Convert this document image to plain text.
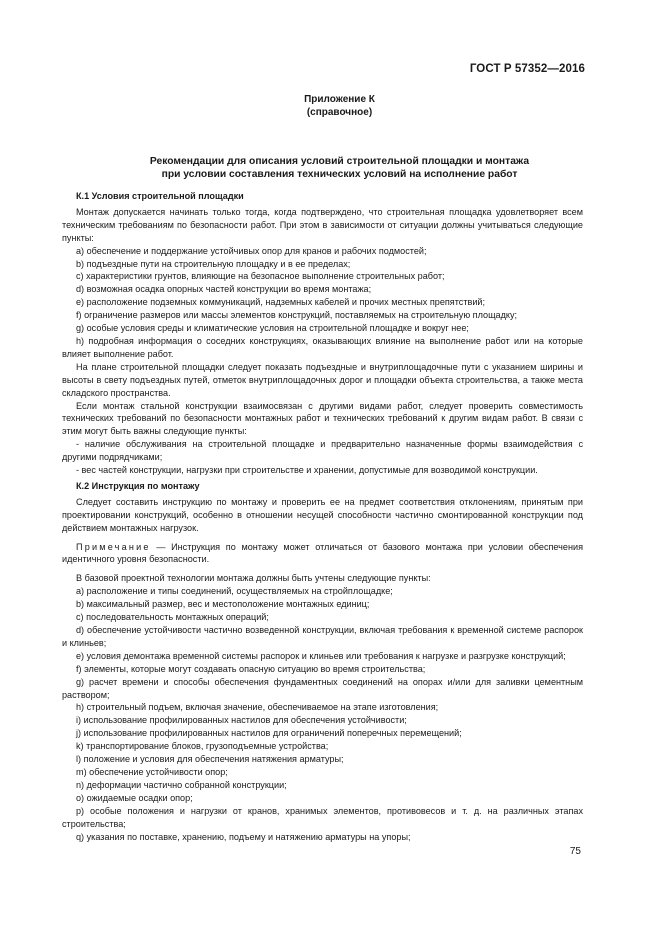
ГОСТ Р 57352—2016
Приложение К
(справочное)
Рекомендации для описания условий строительной площадки и монтажа
при условии составления технических условий на исполнение работ

К.1 Условия строительной площадки

Монтаж допускается начинать только тогда, когда подтверждено, что строительная площадка удовлетворяет всем техническим требованиям по безопасности работ. При этом в зависимости от ситуации должны учитываться следующие пункты:

a) обеспечение и поддержание устойчивых опор для кранов и рабочих подмостей;

b) подъездные пути на строительную площадку и в ее пределах;

c) характеристики грунтов, влияющие на безопасное выполнение строительных работ;

d) возможная осадка опорных частей конструкции во время монтажа;

e) расположение подземных коммуникаций, надземных кабелей и прочих местных препятствий;

f) ограничение размеров или массы элементов конструкций, поставляемых на строительную площадку;

g) особые условия среды и климатические условия на строительной площадке и вокруг нее;

h) подробная информация о соседних конструкциях, оказывающих влияние на выполнение работ или на которые влияет выполнение работ.

На плане строительной площадки следует показать подъездные и внутриплощадочные пути с указанием ширины и высоты в свету подъездных путей, отметок внутриплощадочных дорог и площадки объекта строительства, а также места складского пространства.

Если монтаж стальной конструкции взаимосвязан с другими видами работ, следует проверить совместимость технических требований по безопасности монтажных работ и технических требований к другим видам работ. В связи с этим могут быть важны следующие пункты:

- наличие обслуживания на строительной площадке и предварительно назначенные формы взаимодействия с другими подрядчиками;

- вес частей конструкции, нагрузки при строительстве и хранении, допустимые для возводимой конструкции.

К.2 Инструкция по монтажу

Следует составить инструкцию по монтажу и проверить ее на предмет соответствия отклонениям, принятым при проектировании конструкций, особенно в отношении несущей способности частично смонтированной конструкции под действием монтажных нагрузок.

Примечание — Инструкция по монтажу может отличаться от базового монтажа при условии обеспечения идентичного уровня безопасности.

В базовой проектной технологии монтажа должны быть учтены следующие пункты:

a) расположение и типы соединений, осуществляемых на стройплощадке;

b) максимальный размер, вес и местоположение монтажных единиц;

c) последовательность монтажных операций;

d) обеспечение устойчивости частично возведенной конструкции, включая требования к временной системе распорок и клиньев;

e) условия демонтажа временной системы распорок и клиньев или требования к нагрузке и разгрузке конструкций;

f) элементы, которые могут создавать опасную ситуацию во время строительства;

g) расчет времени и способы обеспечения фундаментных соединений на опорах и/или для заливки цементным раствором;

h) строительный подъем, включая значение, обеспечиваемое на этапе изготовления;

i) использование профилированных настилов для обеспечения устойчивости;

j) использование профилированных настилов для ограничений поперечных перемещений;

k) транспортирование блоков, грузоподъемные устройства;

l) положение и условия для обеспечения натяжения арматуры;

m) обеспечение устойчивости опор;

n) деформации частично собранной конструкции;

o) ожидаемые осадки опор;

p) особые положения и нагрузки от кранов, хранимых элементов, противовесов и т. д. на различных этапах строительства;

q) указания по поставке, хранению, подъему и натяжению арматуры на упоры;

75
